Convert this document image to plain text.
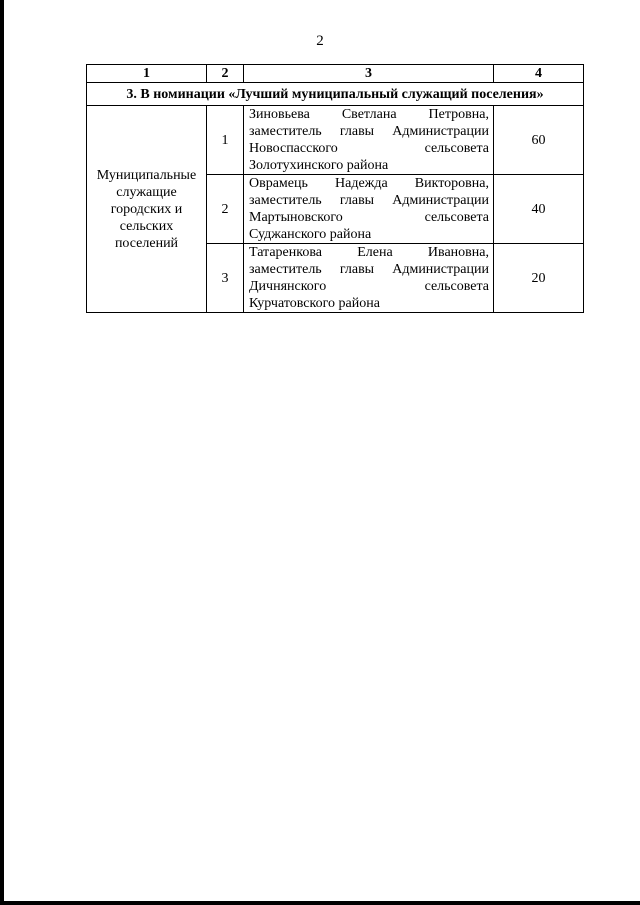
2
1	2	3	4
3. В номинации «Лучший муниципальный служащий поселения»			
Муниципальные служащие городских и сельских поселений	1	Зиновьева Светлана Петровна,
заместитель главы Администрации
Новоспасского сельсовета
Золотухинского района	60
	2	Оврамець Надежда Викторовна,
заместитель главы Администрации
Мартыновского сельсовета
Суджанского района	40
	3	Татаренкова Елена Ивановна,
заместитель главы Администрации
Дичнянского сельсовета
Курчатовского района	20
